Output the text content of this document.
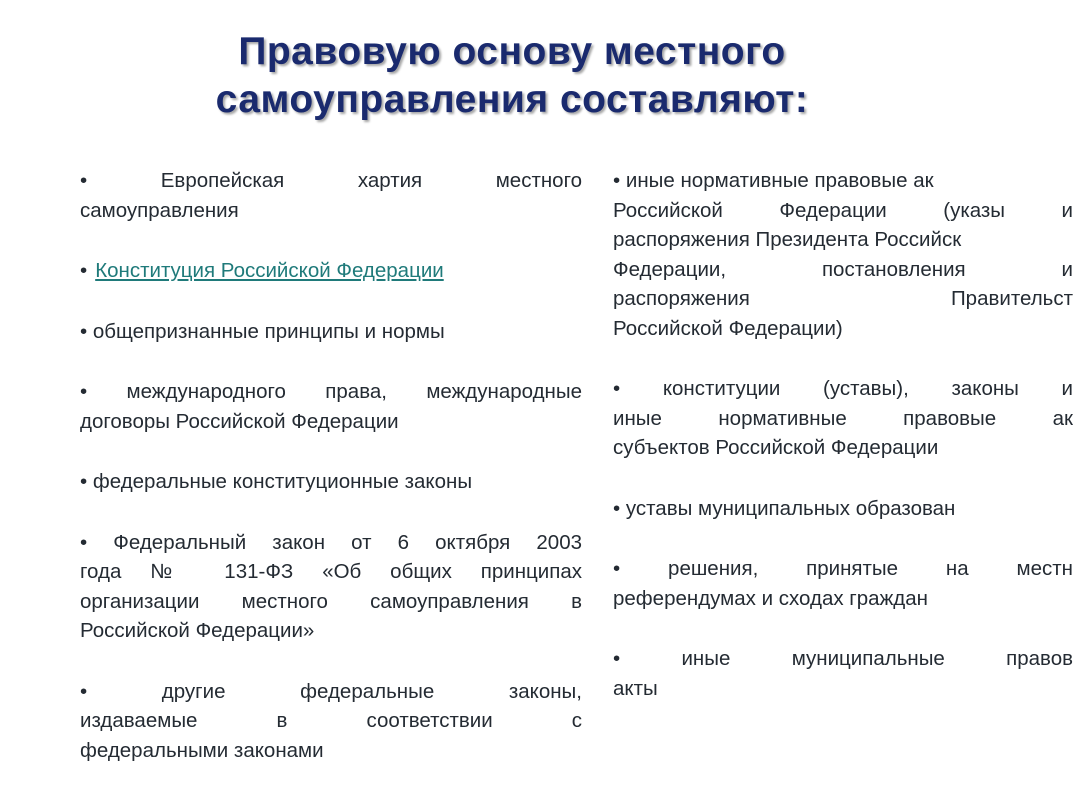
Правовую основу местного
самоуправления составляют:
• Европейская хартия местного
самоуправления
• Конституция Российской Федерации
• общепризнанные принципы и нормы
• международного права, международные
договоры Российской Федерации
• федеральные конституционные законы
• Федеральный закон от 6 октября 2003
года № 131-ФЗ «Об общих принципах
организации местного самоуправления в
Российской Федерации»
• другие федеральные законы,
издаваемые в соответствии с
федеральными законами
• иные нормативные правовые ак
Российской Федерации (указы и
распоряжения Президента Российск
Федерации, постановления и
распоряжения Правительст
Российской Федерации)
• конституции (уставы), законы и
иные нормативные правовые ак
субъектов Российской Федерации
• уставы муниципальных образован
• решения, принятые на местн
референдумах и сходах граждан
• иные муниципальные правов
акты
